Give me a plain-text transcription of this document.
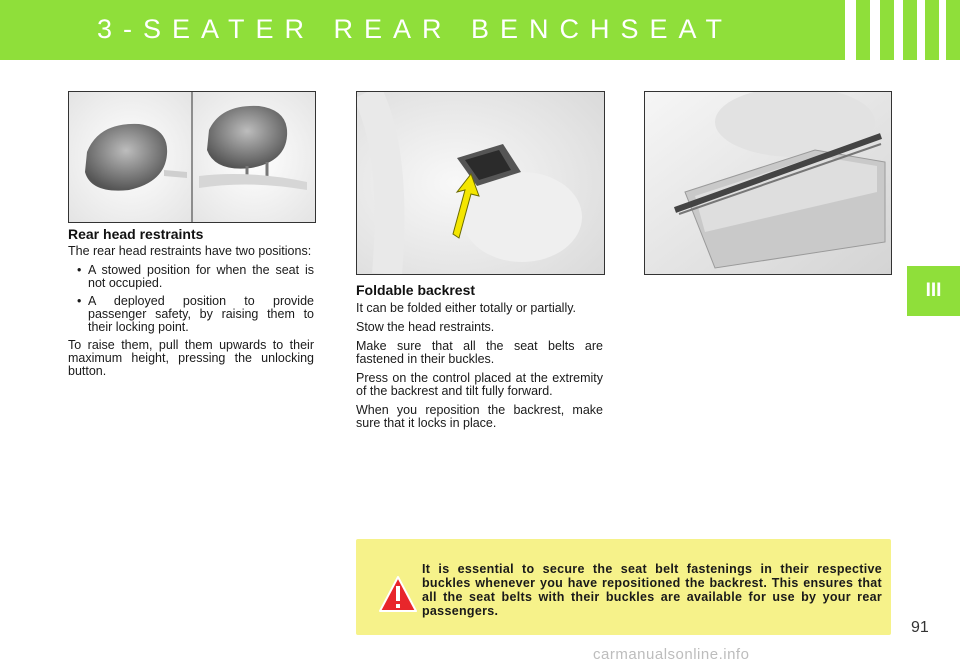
3-SEATER REAR BENCHSEAT
III
Rear head restraints

The rear head restraints have two positions:

• A stowed position for when the seat is not occupied.
• A deployed position to provide passenger safety, by raising them to their locking point.

To raise them, pull them upwards to their maximum height, pressing the unlocking button.

Foldable backrest

It can be folded either totally or partially.

Stow the head restraints.

Make sure that all the seat belts are fastened in their buckles.

Press on the control placed at the extremity of the backrest and tilt fully forward.

When you reposition the backrest, make sure that it locks in place.

It is essential to secure the seat belt fastenings in their respective buckles whenever you have repositioned the backrest. This ensures that all the seat belts with their buckles are available for use by your rear passengers.
91
carmanualsonline.info
